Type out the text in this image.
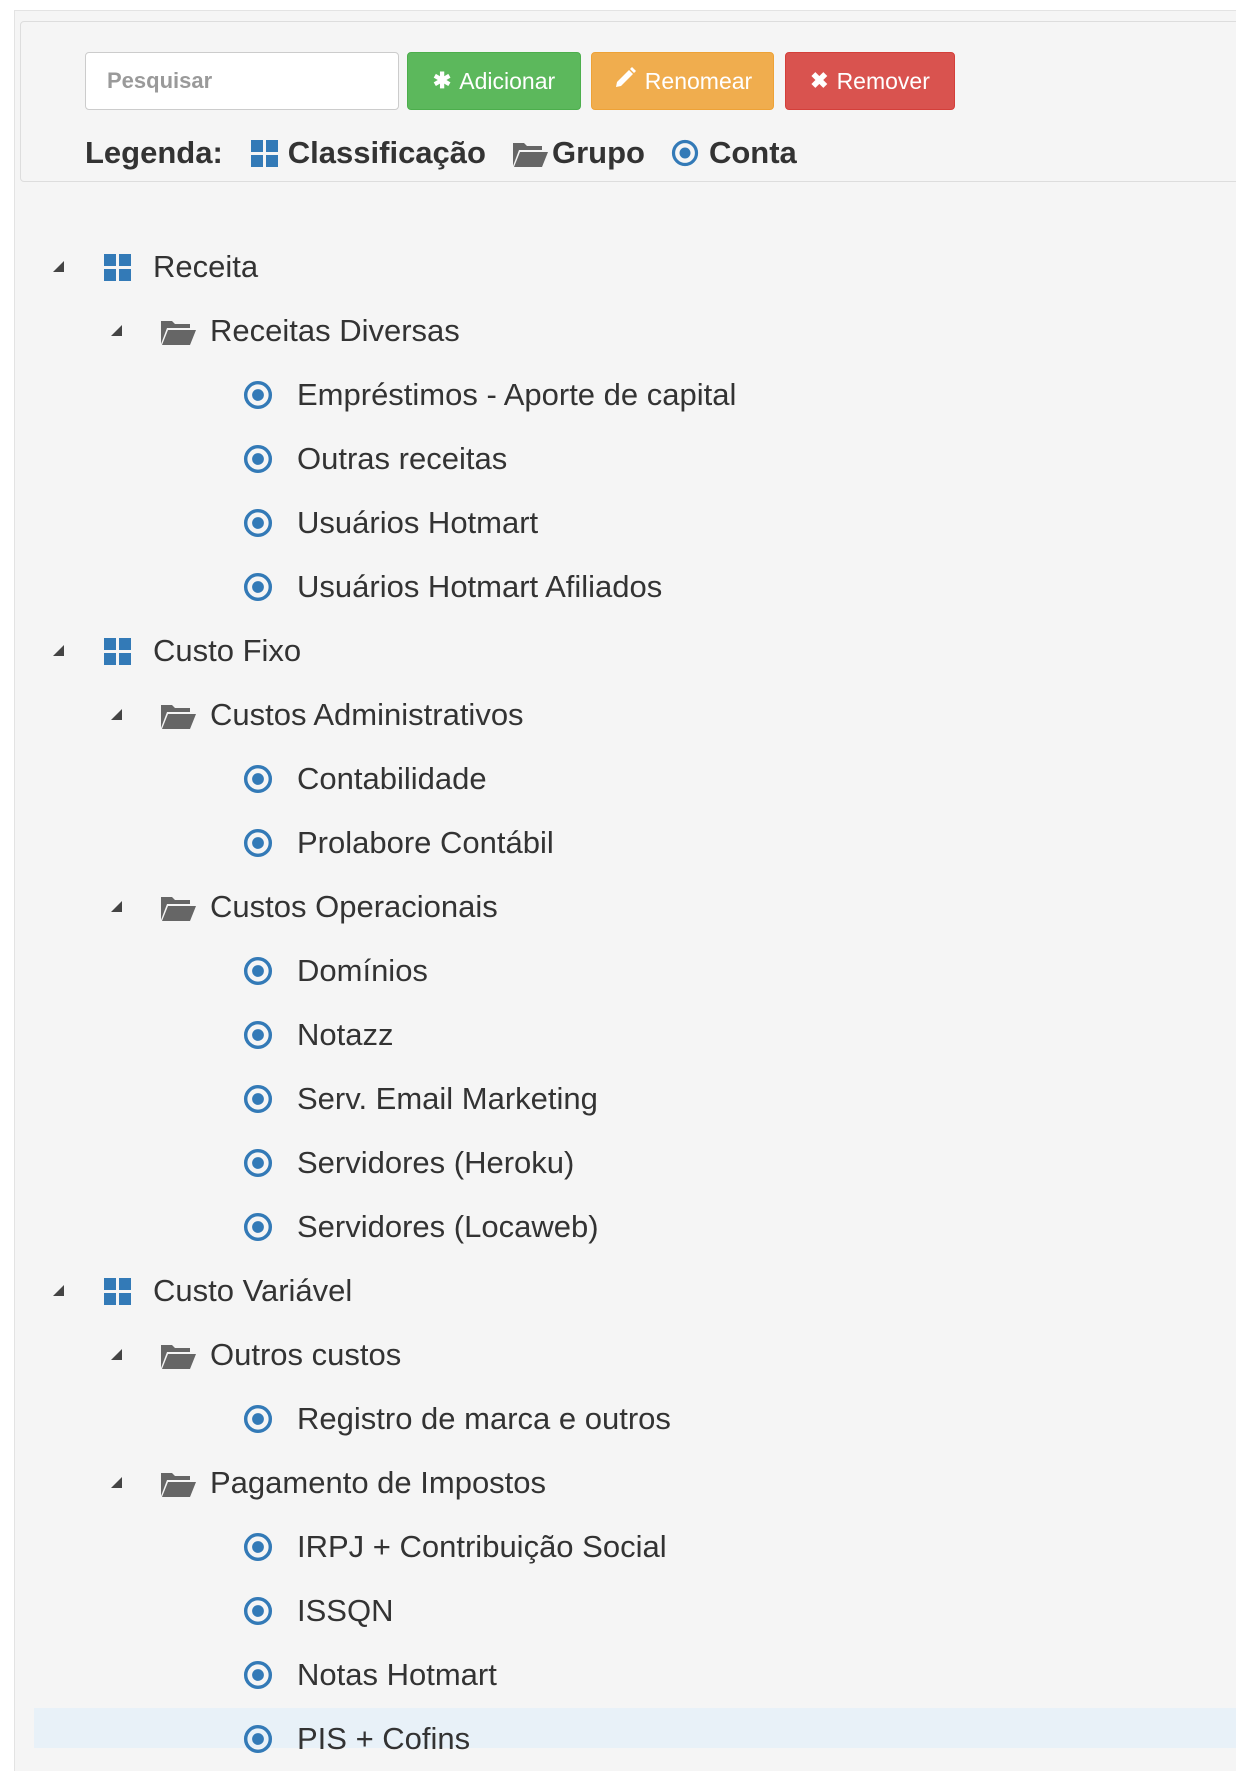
Pesquisar
✱ Adicionar	Renomear	✖ Remover
Legenda: Classificação Grupo Conta
Receita
Receitas Diversas
Empréstimos - Aporte de capital
Outras receitas
Usuários Hotmart
Usuários Hotmart Afiliados
Custo Fixo
Custos Administrativos
Contabilidade
Prolabore Contábil
Custos Operacionais
Domínios
Notazz
Serv. Email Marketing
Servidores (Heroku)
Servidores (Locaweb)
Custo Variável
Outros custos
Registro de marca e outros
Pagamento de Impostos
IRPJ + Contribuição Social
ISSQN
Notas Hotmart
PIS + Cofins
